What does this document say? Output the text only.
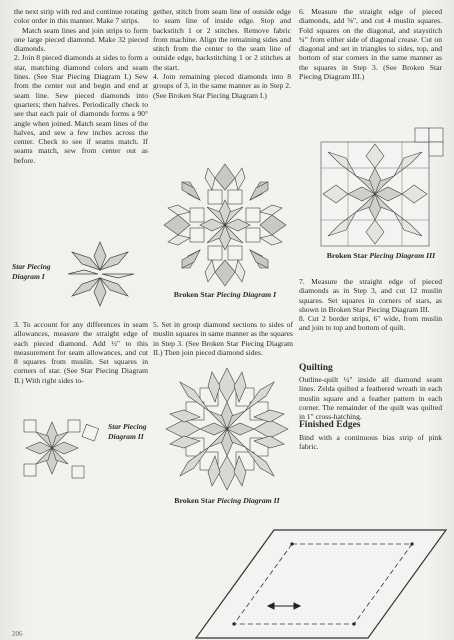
the next strip with red and continue rotating color order in this manner. Make 7 strips.

Match seam lines and join strips to form one large pieced diamond. Make 32 pieced diamonds.

2. Join 8 pieced diamonds at sides to form a star, matching diamond colors and seam lines. (See Star Piecing Diagram I.) Sew from the center out and begin and end at seam line. Sew pieced diamonds into quarters; then halves. Periodically check to see that each pair of diamonds forms a 90° angle when joined. Match seam lines of the halves, and sew a few inches across the center. Check to see if seams match. If seams match, sew from center out as before.

gether, stitch from seam line of outside edge to seam line of inside edge. Stop and backstitch 1 or 2 stitches. Remove fabric from machine. Align the remaining sides and stitch from the center to the seam line of outside edge, backstitching 1 or 2 stitches at the start.

4. Join remaining pieced diamonds into 8 groups of 3, in the same manner as in Step 2. (See Broken Star Piecing Diagram I.)

6. Measure the straight edge of pieced diamonds, add ⅜", and cut 4 muslin squares. Fold squares on the diagonal, and staystitch ¼" from either side of diagonal crease. Cut on diagonal and set in triangles to sides, top, and bottom of star corners in the same manner as the squares in Step 3. (See Broken Star Piecing Diagram III.)

Star Piecing Diagram I
Broken Star Piecing Diagram I
Broken Star Piecing Diagram III

3. To account for any differences in seam allowances, measure the straight edge of each pieced diamond. Add ½" to this measurement for seam allowances, and cut 8 squares from muslin. Set squares in corners of star. (See Star Piecing Diagram II.) With right sides to-

5. Set in group diamond sections to sides of muslin squares in same manner as the squares in Step 3. (See Broken Star Piecing Diagram II.) Then join pieced diamond sides.

7. Measure the straight edge of pieced diamonds as in Step 3, and cut 12 muslin squares. Set squares in corners of stars, as shown in Broken Star Piecing Diagram III.

8. Cut 2 border strips, 6" wide, from muslin and join to top and bottom of quilt.

Quilting

Outline-quilt ¼" inside all diamond seam lines. Zelda quilted a feathered wreath in each muslin square and a feather pattern in each corner. The remainder of the quilt was quilted in 1" cross-hatching.

Finished Edges

Bind with a continuous bias strip of pink fabric.

Star Piecing Diagram II
Broken Star Piecing Diagram II
206
